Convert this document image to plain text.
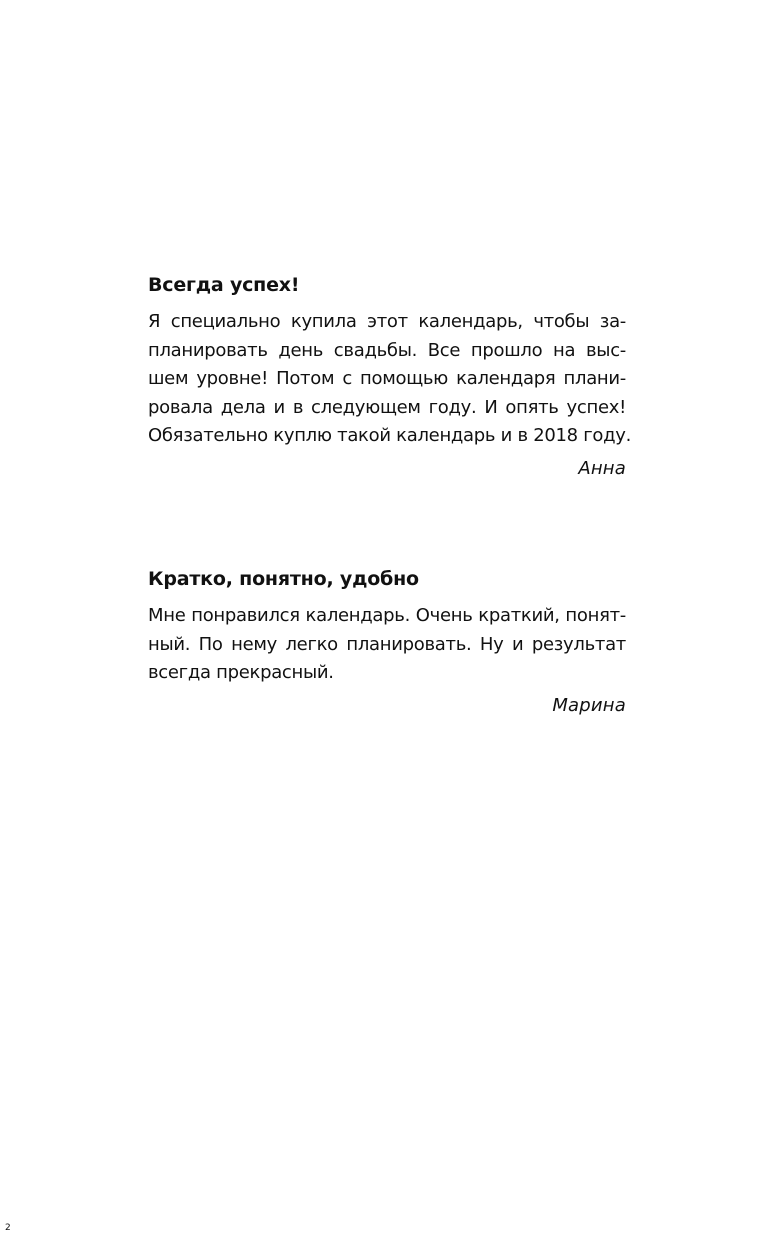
Всегда успех!
Я специально купила этот календарь, чтобы за-
планировать день свадьбы. Все прошло на выс-
шем уровне! Потом с помощью календаря плани-
ровала дела и в следующем году. И опять успех!
Обязательно куплю такой календарь и в 2018 году.
Анна
Кратко, понятно, удобно
Мне понравился календарь. Очень краткий, понят-
ный. По нему легко планировать. Ну и результат
всегда прекрасный.
Марина
2
